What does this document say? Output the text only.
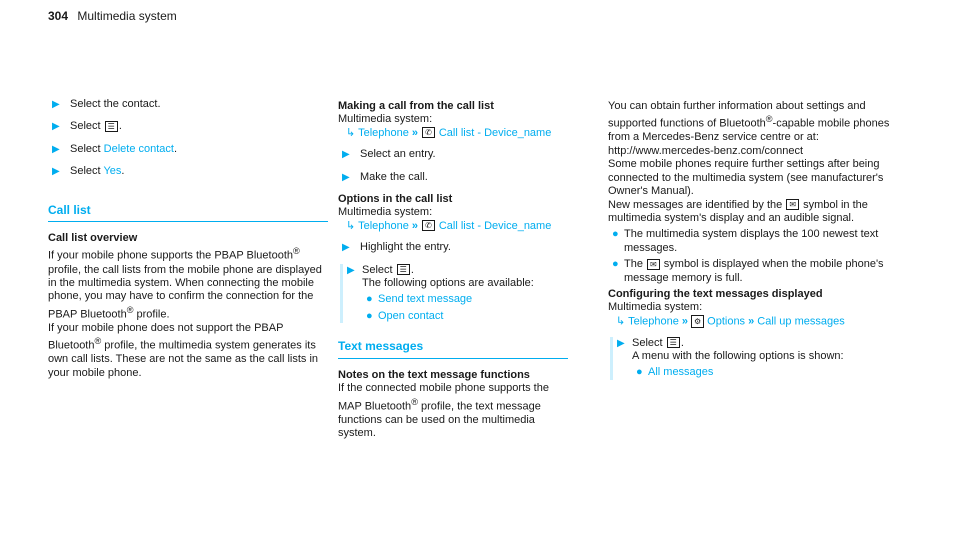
304 Multimedia system
▶ Select the contact.
▶ Select ☰ .
▶ Select Delete contact.
▶ Select Yes.
Call list

Call list overview

If your mobile phone supports the PBAP Bluetooth® profile, the call lists from the mobile phone are displayed in the multimedia system. When connecting the mobile phone, you may have to confirm the connection for the PBAP Bluetooth® profile.

If your mobile phone does not support the PBAP Bluetooth® profile, the multimedia system generates its own call lists. These are not the same as the call lists in your mobile phone.

Making a call from the call list

Multimedia system:

↳ Telephone » ✆ Call list - Device_name

▶ Select an entry.
▶ Make the call.

Options in the call list

Multimedia system:

↳ Telephone » ✆ Call list - Device_name

▶ Highlight the entry.
▶ Select ☰ .

The following options are available:

● Send text message
● Open contact
Text messages

Notes on the text message functions

If the connected mobile phone supports the MAP Bluetooth® profile, the text message functions can be used on the multimedia system.

You can obtain further information about settings and supported functions of Bluetooth®-capable mobile phones from a Mercedes-Benz service centre or at: http://www.mercedes-benz.com/connect

Some mobile phones require further settings after being connected to the multimedia system (see manufacturer's Owner's Manual).

New messages are identified by the ✉ symbol in the multimedia system's display and an audible signal.

● The multimedia system displays the 100 newest text messages.
● The ✉ symbol is displayed when the mobile phone's message memory is full.

Configuring the text messages displayed

Multimedia system:

↳ Telephone » ⚙ Options » Call up messages

▶ Select ☰ .

A menu with the following options is shown:

● All messages
